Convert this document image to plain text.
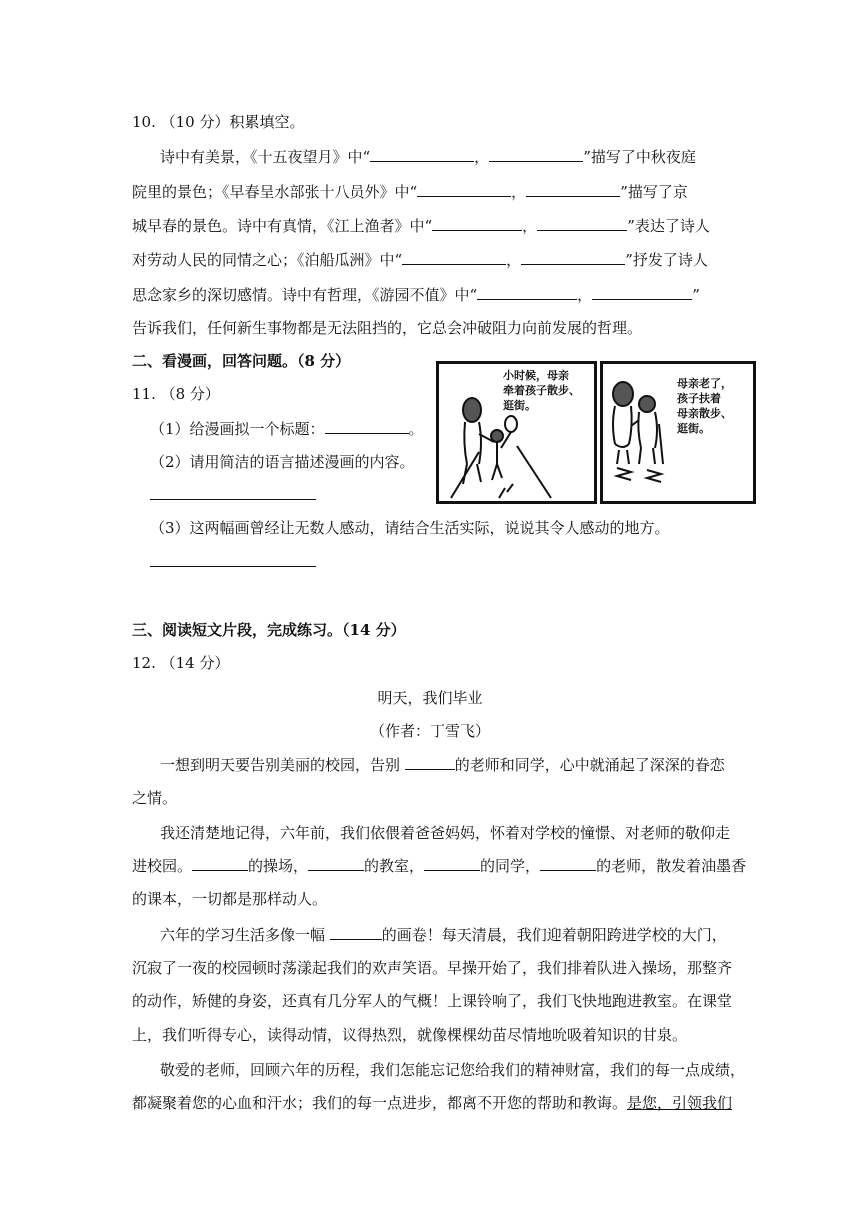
10. （10 分）积累填空。
诗中有美景，《十五夜望月》中“	，	”描写了中秋夜庭
院里的景色；《早春呈水部张十八员外》中“	，	”描写了京
城早春的景色。诗中有真情，《江上渔者》中“	，	”表达了诗人
对劳动人民的同情之心；《泊船瓜洲》中“	，	”抒发了诗人
思念家乡的深切感情。诗中有哲理，《游园不值》中“	，	”
告诉我们，任何新生事物都是无法阻挡的，它总会冲破阻力向前发展的哲理。
二、看漫画，回答问题。（8 分）
11. （8 分）
（1）给漫画拟一个标题：	。
（2）请用简洁的语言描述漫画的内容。
（3）这两幅画曾经让无数人感动，请结合生活实际，说说其令人感动的地方。
小时候，母亲
牵着孩子散步、
逛街。
母亲老了，
孩子扶着
母亲散步、
逛街。
三、阅读短文片段，完成练习。（14 分）
12. （14 分）
明天，我们毕业
（作者：丁雪飞）
一想到明天要告别美丽的校园，告别	的老师和同学，心中就涌起了深深的眷恋
之情。
我还清楚地记得，六年前，我们依偎着爸爸妈妈，怀着对学校的憧憬、对老师的敬仰走
进校园。	的操场，	的教室，	的同学，	的老师，散发着油墨香
的课本，一切都是那样动人。
六年的学习生活多像一幅	的画卷！每天清晨，我们迎着朝阳跨进学校的大门，
沉寂了一夜的校园顿时荡漾起我们的欢声笑语。早操开始了，我们排着队进入操场，那整齐
的动作，矫健的身姿，还真有几分军人的气概！上课铃响了，我们飞快地跑进教室。在课堂
上，我们听得专心，读得动情，议得热烈，就像棵棵幼苗尽情地吮吸着知识的甘泉。
敬爱的老师，回顾六年的历程，我们怎能忘记您给我们的精神财富，我们的每一点成绩，
都凝聚着您的心血和汗水；我们的每一点进步，都离不开您的帮助和教诲。是您，引领我们
